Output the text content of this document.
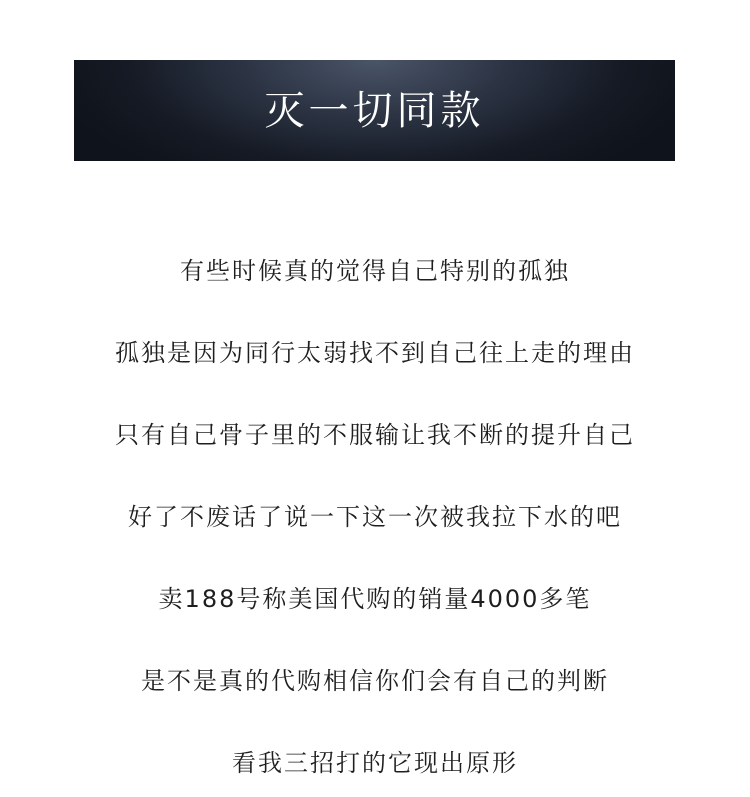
灭一切同款
有些时候真的觉得自己特别的孤独
孤独是因为同行太弱找不到自己往上走的理由
只有自己骨子里的不服输让我不断的提升自己
好了不废话了说一下这一次被我拉下水的吧
卖188号称美国代购的销量4000多笔
是不是真的代购相信你们会有自己的判断
看我三招打的它现出原形
